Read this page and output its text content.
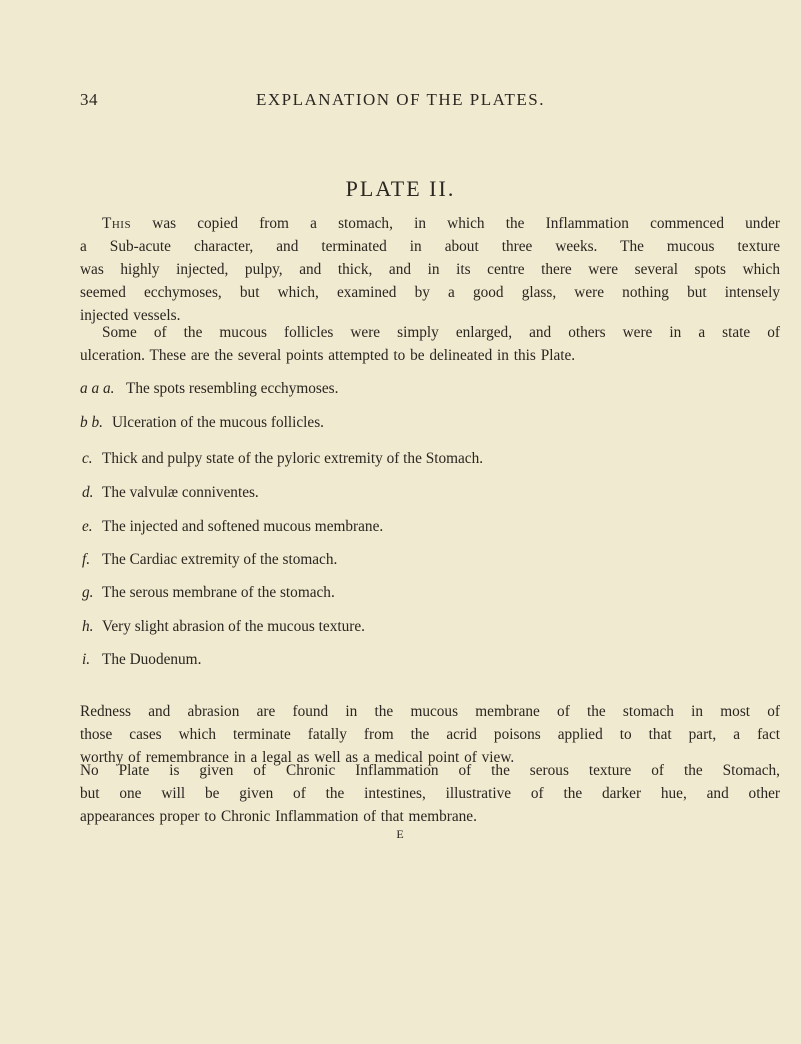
34	EXPLANATION OF THE PLATES.
PLATE II.
This was copied from a stomach, in which the Inflammation commenced under
a Sub-acute character, and terminated in about three weeks. The mucous texture
was highly injected, pulpy, and thick, and in its centre there were several spots which
seemed ecchymoses, but which, examined by a good glass, were nothing but intensely
injected vessels.
Some of the mucous follicles were simply enlarged, and others were in a state of
ulceration. These are the several points attempted to be delineated in this Plate.
a a a. The spots resembling ecchymoses.
b b. Ulceration of the mucous follicles.
c. Thick and pulpy state of the pyloric extremity of the Stomach.
d. The valvulæ conniventes.
e. The injected and softened mucous membrane.
f. The Cardiac extremity of the stomach.
g. The serous membrane of the stomach.
h. Very slight abrasion of the mucous texture.
i. The Duodenum.
Redness and abrasion are found in the mucous membrane of the stomach in most of
those cases which terminate fatally from the acrid poisons applied to that part, a fact
worthy of remembrance in a legal as well as a medical point of view.
No Plate is given of Chronic Inflammation of the serous texture of the Stomach,
but one will be given of the intestines, illustrative of the darker hue, and other
appearances proper to Chronic Inflammation of that membrane.
E
